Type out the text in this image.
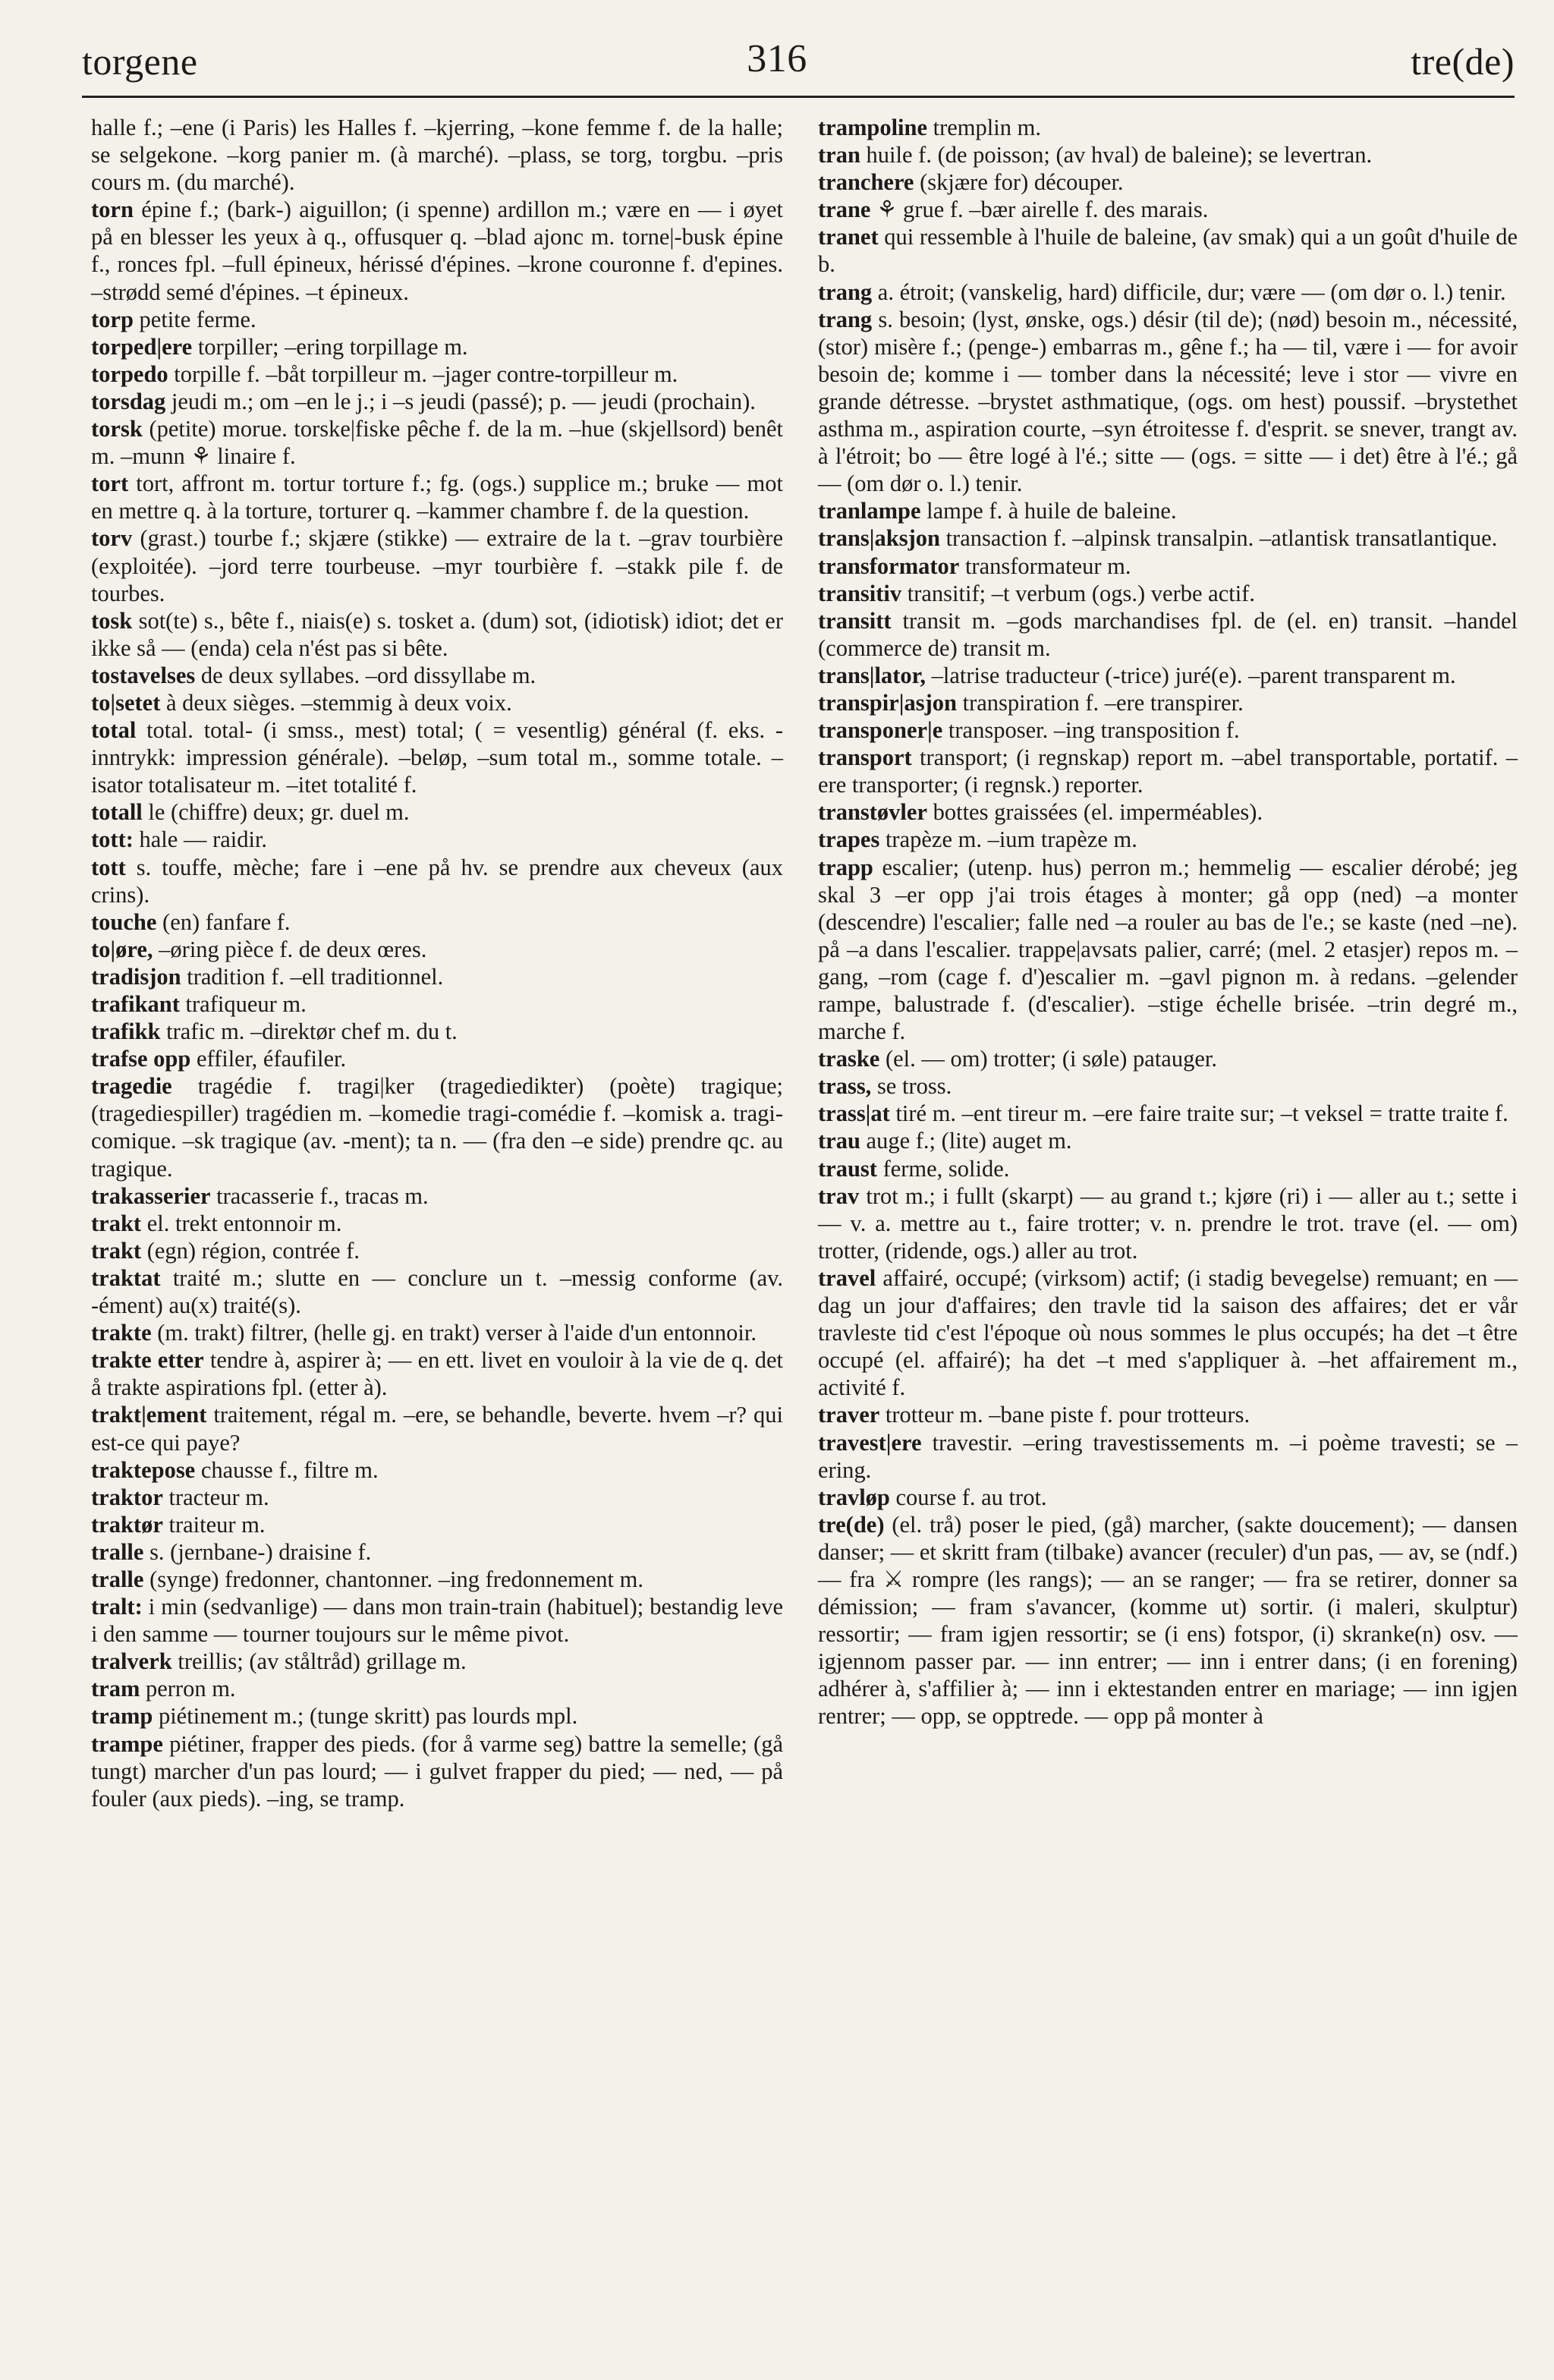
torgene	316	tre(de)
halle f.; –ene (i Paris) les Halles f. –kjerring, –kone femme f. de la halle; se selgekone. –korg panier m. (à marché). –plass, se torg, torgbu. –pris cours m. (du marché).
torn épine f.; (bark-) aiguillon; (i spenne) ardillon m.; være en — i øyet på en blesser les yeux à q., offusquer q. –blad ajonc m. torne|-busk épine f., ronces fpl. –full épineux, hérissé d'épines. –krone couronne f. d'epines. –strødd semé d'épines. –t épineux.
torp petite ferme.
torped|ere torpiller; –ering torpillage m.
torpedo torpille f. –båt torpilleur m. –jager contre-torpilleur m.
torsdag jeudi m.; om –en le j.; i –s jeudi (passé); p. — jeudi (prochain).
torsk (petite) morue. torske|fiske pêche f. de la m. –hue (skjellsord) benêt m. –munn ⚘ linaire f.
tort tort, affront m. tortur torture f.; fg. (ogs.) supplice m.; bruke — mot en mettre q. à la torture, torturer q. –kammer chambre f. de la question.
torv (grast.) tourbe f.; skjære (stikke) — extraire de la t. –grav tourbière (exploitée). –jord terre tourbeuse. –myr tourbière f. –stakk pile f. de tourbes.
tosk sot(te) s., bête f., niais(e) s. tosket a. (dum) sot, (idiotisk) idiot; det er ikke så — (enda) cela n'ést pas si bête.
tostavelses de deux syllabes. –ord dissyllabe m.
to|setet à deux sièges. –stemmig à deux voix.
total total. total- (i smss., mest) total; ( = vesentlig) général (f. eks. -inntrykk: impression générale). –beløp, –sum total m., somme totale. –isator totalisateur m. –itet totalité f.
totall le (chiffre) deux; gr. duel m.
tott: hale — raidir.
tott s. touffe, mèche; fare i –ene på hv. se prendre aux cheveux (aux crins).
touche (en) fanfare f.
to|øre, –øring pièce f. de deux œres.
tradisjon tradition f. –ell traditionnel.
trafikant trafiqueur m.
trafikk trafic m. –direktør chef m. du t.
trafse opp effiler, éfaufiler.
tragedie tragédie f. tragi|ker (tragediedikter) (poète) tragique; (tragediespiller) tragédien m. –komedie tragi-comédie f. –komisk a. tragi-comique. –sk tragique (av. -ment); ta n. — (fra den –e side) prendre qc. au tragique.
trakasserier tracasserie f., tracas m.
trakt el. trekt entonnoir m.
trakt (egn) région, contrée f.
traktat traité m.; slutte en — conclure un t. –messig conforme (av. -ément) au(x) traité(s).
trakte (m. trakt) filtrer, (helle gj. en trakt) verser à l'aide d'un entonnoir.
trakte etter tendre à, aspirer à; — en ett. livet en vouloir à la vie de q. det å trakte aspirations fpl. (etter à).
trakt|ement traitement, régal m. –ere, se behandle, beverte. hvem –r? qui est-ce qui paye?
traktepose chausse f., filtre m.
traktor tracteur m.
traktør traiteur m.
tralle s. (jernbane-) draisine f.
tralle (synge) fredonner, chantonner. –ing fredonnement m.
tralt: i min (sedvanlige) — dans mon train-train (habituel); bestandig leve i den samme — tourner toujours sur le même pivot.
tralverk treillis; (av ståltråd) grillage m.
tram perron m.
tramp piétinement m.; (tunge skritt) pas lourds mpl.
trampe piétiner, frapper des pieds. (for å varme seg) battre la semelle; (gå tungt) marcher d'un pas lourd; — i gulvet frapper du pied; — ned, — på fouler (aux pieds). –ing, se tramp.
trampoline tremplin m.
tran huile f. (de poisson; (av hval) de baleine); se levertran.
tranchere (skjære for) découper.
trane ⚘ grue f. –bær airelle f. des marais.
tranet qui ressemble à l'huile de baleine, (av smak) qui a un goût d'huile de b.
trang a. étroit; (vanskelig, hard) difficile, dur; være — (om dør o. l.) tenir.
trang s. besoin; (lyst, ønske, ogs.) désir (til de); (nød) besoin m., nécessité, (stor) misère f.; (penge-) embarras m., gêne f.; ha — til, være i — for avoir besoin de; komme i — tomber dans la nécessité; leve i stor — vivre en grande détresse. –brystet asthmatique, (ogs. om hest) poussif. –brystethet asthma m., aspiration courte, –syn étroitesse f. d'esprit. se snever, trangt av. à l'étroit; bo — être logé à l'é.; sitte — (ogs. = sitte — i det) être à l'é.; gå — (om dør o. l.) tenir.
tranlampe lampe f. à huile de baleine.
trans|aksjon transaction f. –alpinsk transalpin. –atlantisk transatlantique.
transformator transformateur m.
transitiv transitif; –t verbum (ogs.) verbe actif.
transitt transit m. –gods marchandises fpl. de (el. en) transit. –handel (commerce de) transit m.
trans|lator, –latrise traducteur (-trice) juré(e). –parent transparent m.
transpir|asjon transpiration f. –ere transpirer.
transponer|e transposer. –ing transposition f.
transport transport; (i regnskap) report m. –abel transportable, portatif. –ere transporter; (i regnsk.) reporter.
transtøvler bottes graissées (el. imperméables).
trapes trapèze m. –ium trapèze m.
trapp escalier; (utenp. hus) perron m.; hemmelig — escalier dérobé; jeg skal 3 –er opp j'ai trois étages à monter; gå opp (ned) –a monter (descendre) l'escalier; falle ned –a rouler au bas de l'e.; se kaste (ned –ne). på –a dans l'escalier. trappe|avsats palier, carré; (mel. 2 etasjer) repos m. –gang, –rom (cage f. d')escalier m. –gavl pignon m. à redans. –gelender rampe, balustrade f. (d'escalier). –stige échelle brisée. –trin degré m., marche f.
traske (el. — om) trotter; (i søle) patauger.
trass, se tross.
trass|at tiré m. –ent tireur m. –ere faire traite sur; –t veksel = tratte traite f.
trau auge f.; (lite) auget m.
traust ferme, solide.
trav trot m.; i fullt (skarpt) — au grand t.; kjøre (ri) i — aller au t.; sette i — v. a. mettre au t., faire trotter; v. n. prendre le trot. trave (el. — om) trotter, (ridende, ogs.) aller au trot.
travel affairé, occupé; (virksom) actif; (i stadig bevegelse) remuant; en — dag un jour d'affaires; den travle tid la saison des affaires; det er vår travleste tid c'est l'époque où nous sommes le plus occupés; ha det –t être occupé (el. affairé); ha det –t med s'appliquer à. –het affairement m., activité f.
traver trotteur m. –bane piste f. pour trotteurs.
travest|ere travestir. –ering travestissements m. –i poème travesti; se –ering.
travløp course f. au trot.
tre(de) (el. trå) poser le pied, (gå) marcher, (sakte doucement); — dansen danser; — et skritt fram (tilbake) avancer (reculer) d'un pas, — av, se (ndf.) — fra ⚔ rompre (les rangs); — an se ranger; — fra se retirer, donner sa démission; — fram s'avancer, (komme ut) sortir. (i maleri, skulptur) ressortir; — fram igjen ressortir; se (i ens) fotspor, (i) skranke(n) osv. — igjennom passer par. — inn entrer; — inn i entrer dans; (i en forening) adhérer à, s'affilier à; — inn i ektestanden entrer en mariage; — inn igjen rentrer; — opp, se opptrede. — opp på monter à
